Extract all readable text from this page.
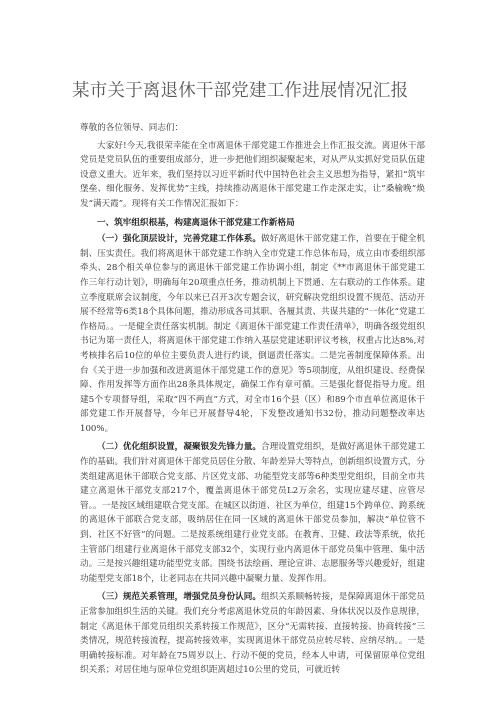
某市关于离退休干部党建工作进展情况汇报

尊敬的各位领导、同志们：

大家好!今天,我很荣幸能在全市离退休干部党建工作推进会上作汇报交流。离退休干部党员是党员队伍的重要组成部分，进一步把他们组织凝聚起来，对从严从实抓好党员队伍建设意义重大。近年来，我们坚持以习近平新时代中国特色社会主义思想为指导，紧扣“筑牢堡垒、细化服务、发挥优势”主线，持续推动离退休干部党建工作走深走实，让“桑榆晚”焕发“满天霞”。现将有关工作情况汇报如下：

一、筑牢组织根基，构建离退休干部党建工作新格局

（一）强化顶层设计，完善党建工作体系。做好离退休干部党建工作，首要在于健全机制、压实责任。我们将离退休干部党建工作纳入全市党建工作总体布局，成立由市委组织部牵头、28个相关单位参与的离退休干部党建工作协调小组，制定《**市离退休干部党建工作三年行动计划》，明确每年20项重点任务，推动机制上下贯通、左右联动的工作体系。建立季度联席会议制度，今年以来已召开3次专题会议，研究解决党组织设置不规范、活动开展不经常等6类18个具体问题，推动形成各司其职、各履其责、共谋共建的“一体化”党建工作格局。。一是健全责任落实机制。制定《离退休干部党建工作责任清单》，明确各级党组织书记为第一责任人，将离退休干部党建工作纳入基层党建述职评议考核，权重占比达8%,对考核排名后10位的单位主要负责人进行约谈，倒逼责任落实。二是完善制度保障体系。出台《关于进一步加强和改进离退休干部党建工作的意见》等5项制度，从组织建设、经费保障、作用发挥等方面作出28条具体规定，确保工作有章可循。三是强化督促指导力度。组建5个专项督导组，采取“四不两直”方式，对全市16个县（区）和89个市直单位离退休干部党建工作开展督导，今年已开展督导4轮，下发整改通知书32份，推动问题整改率达100%。

（二）优化组织设置，凝聚银发先锋力量。合理设置党组织，是做好离退休干部党建工作的基础。我们针对离退休干部党员居住分散、年龄差异大等特点，创新组织设置方式，分类组建离退休干部联合党支部、片区党支部、功能型党支部等6种类型党组织，目前全市共建立离退休干部党支部217个，覆盖离退休干部党员L2万余名，实现应建尽建、应管尽管。。一是按区域组建联合党支部。在城区以街道、社区为单位，组建15个跨单位、跨系统的离退休干部联合党支部，吸纳居住在同一区域的离退休干部党员参加，解决“单位管不到、社区不好管”的问题。二是按系统组建行业党支部。在教育、卫健、政法等系统，依托主管部门组建行业离退休干部党支部32个，实现行业内离退休干部党员集中管理、集中活动。三是按兴趣组建功能型党支部。围绕书法绘画、理论宣讲、志愿服务等兴趣爱好，组建功能型党支部18个，让老同志在共同兴趣中凝聚力量、发挥作用。

（三）规范关系管理，增强党员身份认同。组织关系顺畅转接，是保障离退休干部党员正常参加组织生活的关键。我们充分考虑离退休党员的年龄因素、身体状况以及作息规律，制定《离退休干部党员组织关系转接工作规范》，区分“无需转接、直接转接、协商转接”三类情况，规范转接流程，提高转接效率，实现离退休干部党员应转尽转、应纳尽纳。。一是明确转接标准。对年龄在75周岁以上、行动不便的党员，经本人申请，可保留原单位党组织关系；对居住地与原单位党组织距离超过10公里的党员，可就近转
